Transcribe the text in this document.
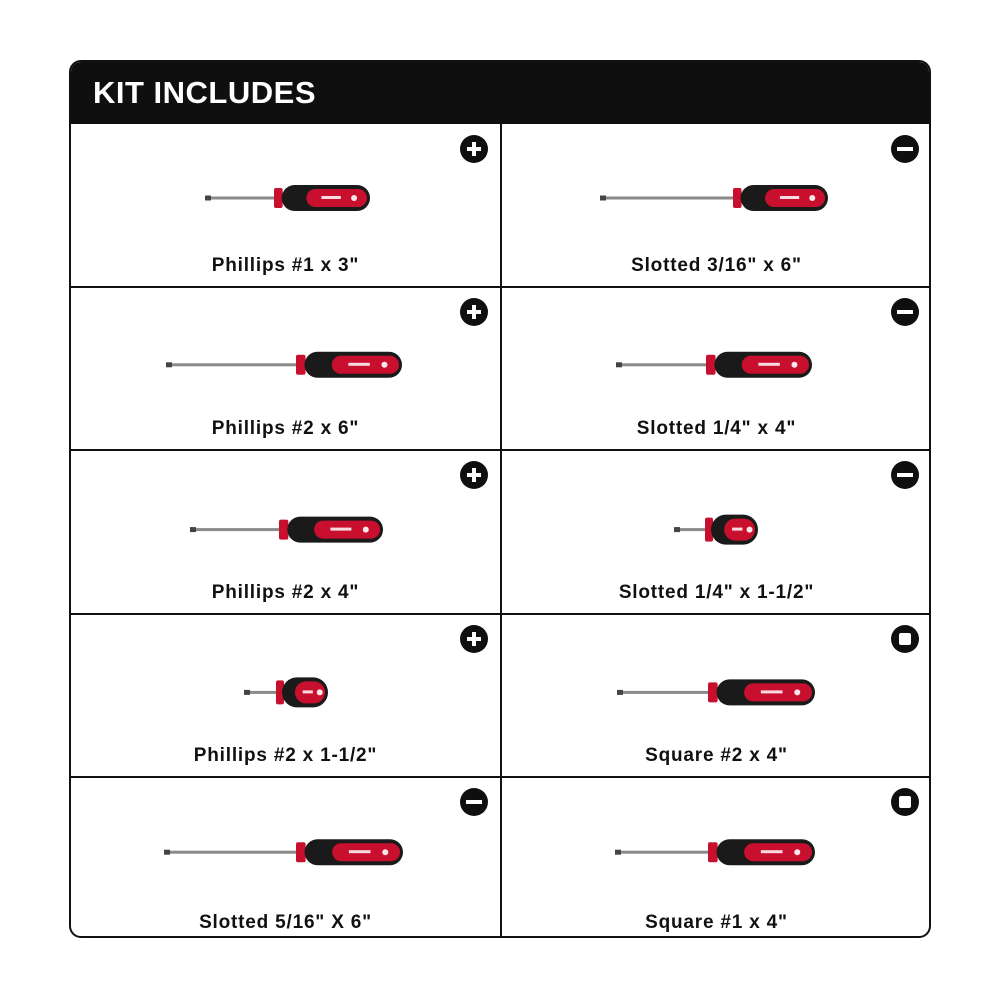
KIT INCLUDES
Phillips #1 x 3"	Slotted 3/16" x 6"
Phillips #2 x 6"	Slotted 1/4" x 4"
Phillips #2 x 4"	Slotted 1/4" x 1-1/2"
Phillips #2 x 1-1/2"	Square #2 x 4"
Slotted 5/16" X 6"	Square #1 x 4"
